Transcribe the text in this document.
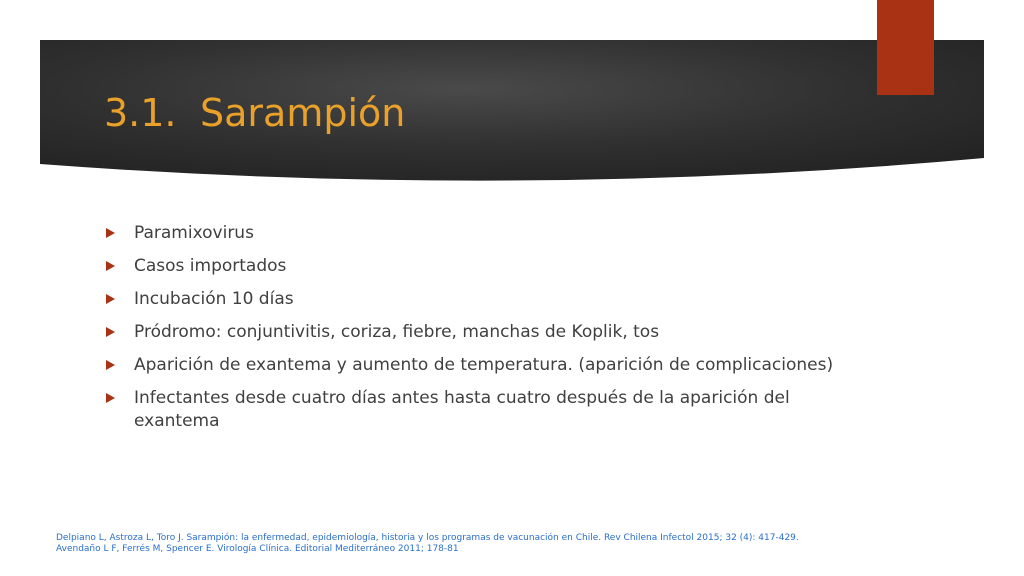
3.1. Sarampión
Paramixovirus
Casos importados
Incubación 10 días
Pródromo: conjuntivitis, coriza, fiebre, manchas de Koplik, tos
Aparición de exantema y aumento de temperatura. (aparición de complicaciones)
Infectantes desde cuatro días antes hasta cuatro después de la aparición del exantema
Delpiano L, Astroza L, Toro J. Sarampión: la enfermedad, epidemiología, historia y los programas de vacunación en Chile. Rev Chilena Infectol 2015; 32 (4): 417-429.
Avendaño L F, Ferrés M, Spencer E. Virología Clínica. Editorial Mediterráneo 2011; 178-81
